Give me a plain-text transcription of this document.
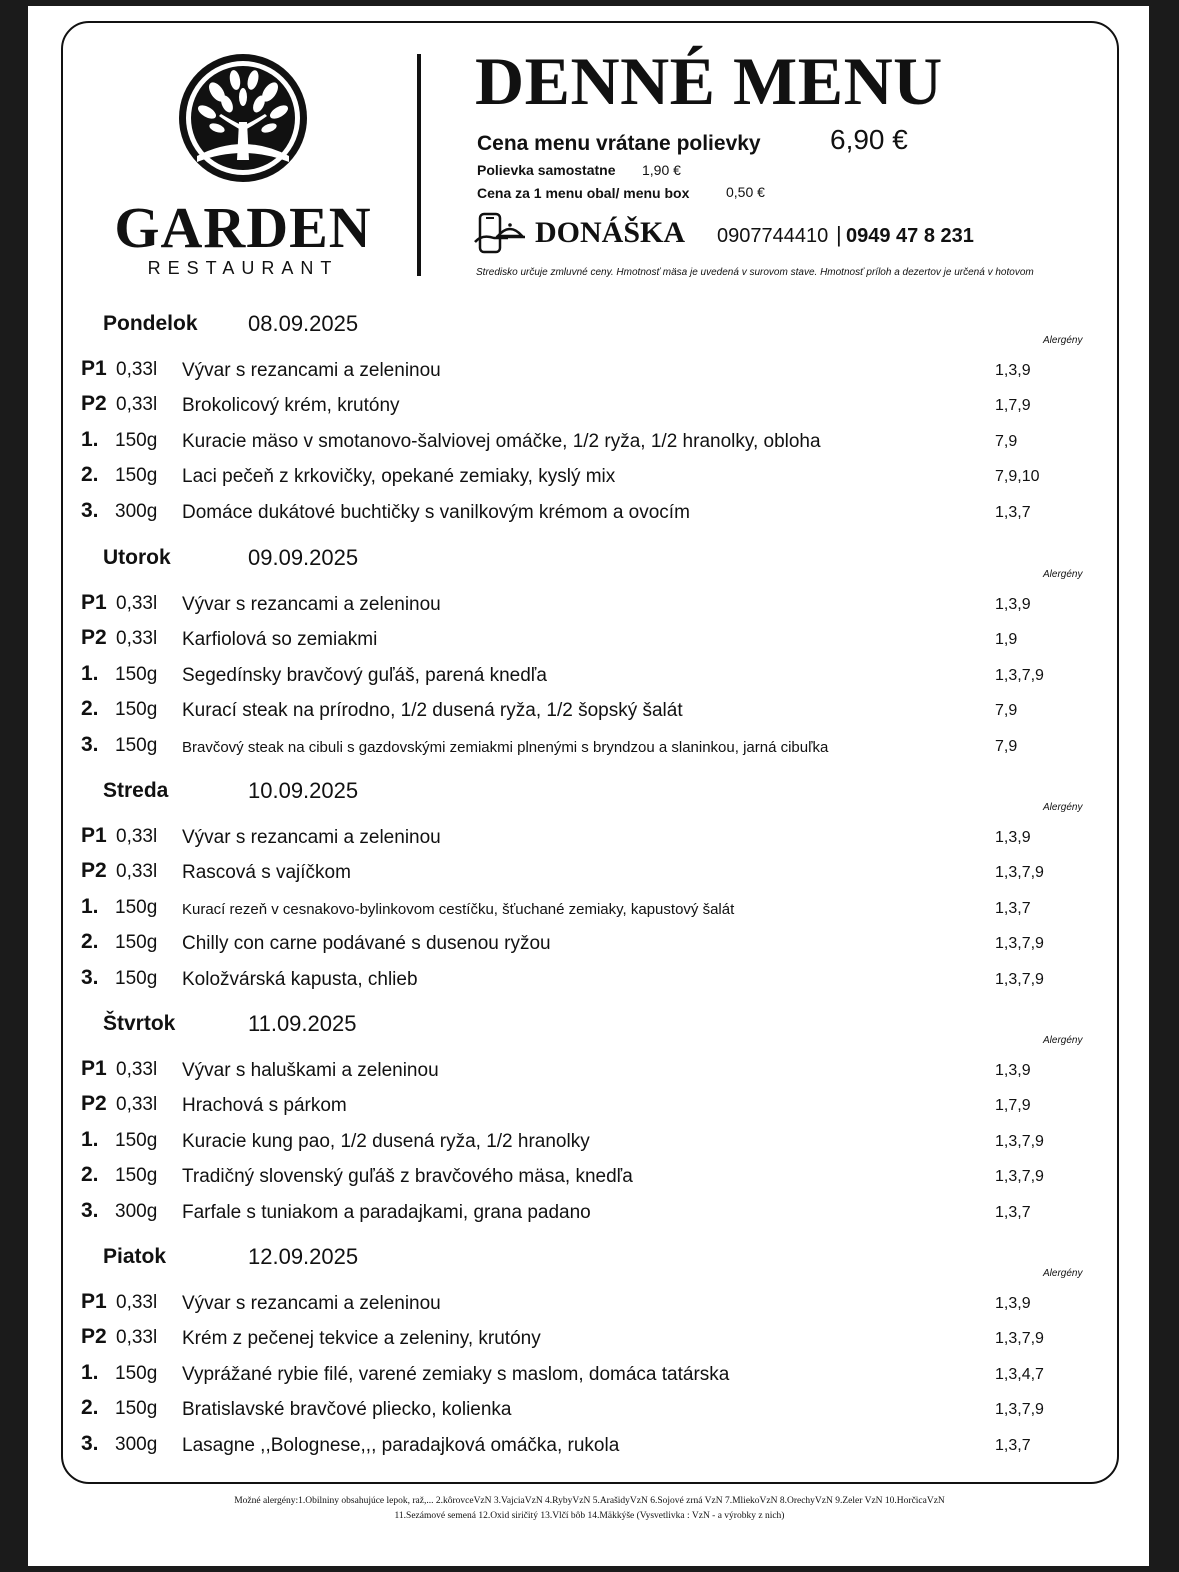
GARDEN
RESTAURANT
DENNÉ MENU
Cena menu vrátane polievky 6,90 €
Polievka samostatne 1,90 €
Cena za 1 menu obal/ menu box	0,50 €
DONÁŠKA 0907744410 | 0949 47 8 231
Stredisko určuje zmluvné ceny. Hmotnosť mäsa je uvedená v surovom stave. Hmotnosť príloh a dezertov je určená v hotovom
Pondelok 08.09.2025
Alergény
P1 0,33l Vývar s rezancami a zeleninou	1,3,9
P2 0,33l Brokolicový krém, krutóny	1,7,9
1. 150g Kuracie mäso v smotanovo-šalviovej omáčke, 1/2 ryža, 1/2 hranolky, obloha	7,9
2. 150g Laci pečeň z krkovičky, opekané zemiaky, kyslý mix	7,9,10
3. 300g Domáce dukátové buchtičky s vanilkovým krémom a ovocím	1,3,7
Utorok	09.09.2025
Alergény
P1 0,33l Vývar s rezancami a zeleninou	1,3,9
P2 0,33l Karfiolová so zemiakmi	1,9
1. 150g Segedínsky bravčový guľáš, parená knedľa	1,3,7,9
2. 150g Kurací steak na prírodno, 1/2 dusená ryža, 1/2 šopský šalát	7,9
3. 150g Bravčový steak na cibuli s gazdovskými zemiakmi plnenými s bryndzou a slaninkou, jarná cibuľka	7,9
Streda	10.09.2025
Alergény
P1 0,33l Vývar s rezancami a zeleninou	1,3,9
P2 0,33l Rascová s vajíčkom	1,3,7,9
1. 150g Kurací rezeň v cesnakovo-bylinkovom cestíčku, šťuchané zemiaky, kapustový šalát	1,3,7
2. 150g Chilly con carne podávané s dusenou ryžou	1,3,7,9
3. 150g Koložvárská kapusta, chlieb	1,3,7,9
Štvrtok	11.09.2025
Alergény
P1 0,33l Vývar s haluškami a zeleninou	1,3,9
P2 0,33l Hrachová s párkom	1,7,9
1. 150g Kuracie kung pao, 1/2 dusená ryža, 1/2 hranolky	1,3,7,9
2. 150g Tradičný slovenský guľáš z bravčového mäsa, knedľa	1,3,7,9
3. 300g Farfale s tuniakom a paradajkami, grana padano	1,3,7
Piatok	12.09.2025
Alergény
P1 0,33l Vývar s rezancami a zeleninou	1,3,9
P2 0,33l Krém z pečenej tekvice a zeleniny, krutóny	1,3,7,9
1. 150g Vyprážané rybie filé, varené zemiaky s maslom, domáca tatárska	1,3,4,7
2. 150g Bratislavské bravčové pliecko, kolienka	1,3,7,9
3. 300g Lasagne ,,Bolognese,,, paradajková omáčka, rukola	1,3,7
Možné alergény:1.Obilniny obsahujúce lepok, raž,... 2.kôrovceVzN 3.VajciaVzN 4.RybyVzN 5.ArašidyVzN 6.Sojové zrná VzN 7.MliekoVzN 8.OrechyVzN 9.Zeler VzN 10.HorčicaVzN
11.Sezámové semená 12.Oxid siričitý 13.Vlčí bôb 14.Mäkkýše (Vysvetlivka : VzN - a výrobky z nich)
